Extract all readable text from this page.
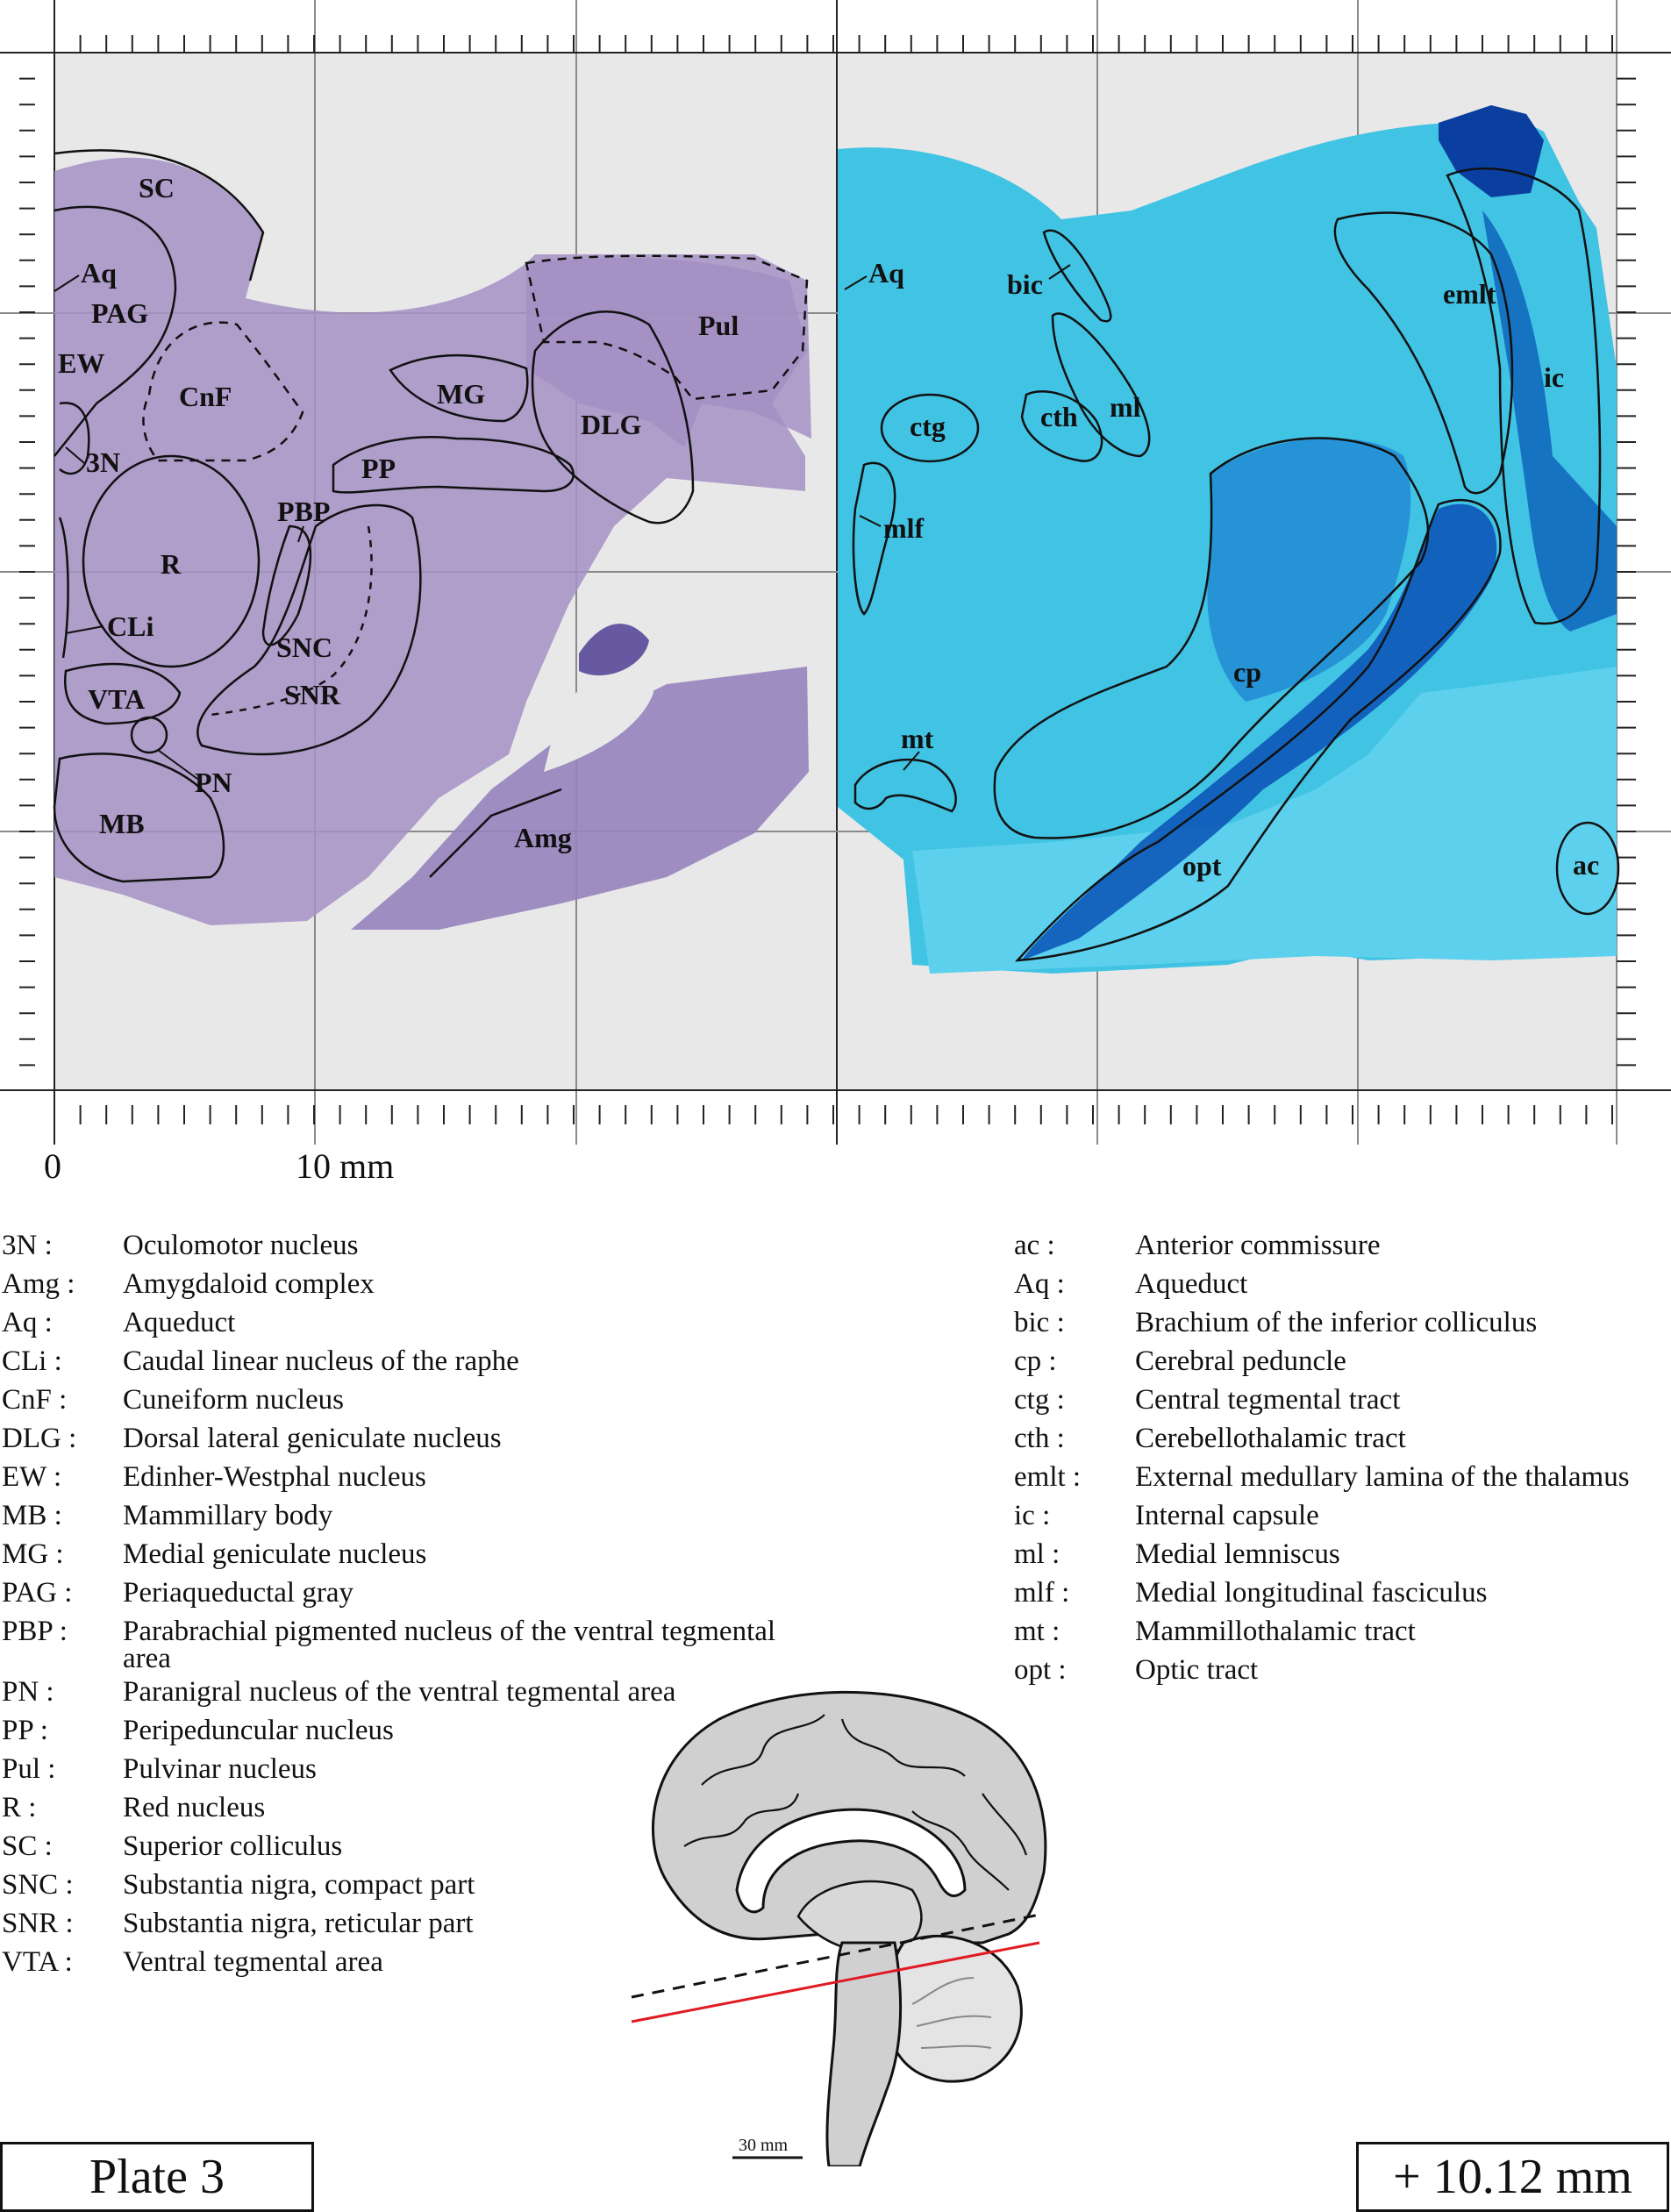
SC
Aq
PAG
EW
CnF
3N
MG
DLG
Pul
PP
PBP
R
CLi
SNC
SNR
VTA
PN
MB	Amg
Aq	bic	emlt
ic
ctg	cth ml
mlf
cp
mt
opt	ac
0	10 mm
3N :	Oculomotor nucleus
Amg :	Amygdaloid complex
Aq :	Aqueduct
CLi :	Caudal linear nucleus of the raphe
CnF :	Cuneiform nucleus
DLG :	Dorsal lateral geniculate nucleus
EW :	Edinher-Westphal nucleus
MB :	Mammillary body
MG :	Medial geniculate nucleus
PAG :	Periaqueductal gray
PBP :	Parabrachial pigmented nucleus of the ventral tegmental area
PN :	Paranigral nucleus of the ventral tegmental area
PP :	Peripeduncular nucleus
Pul :	Pulvinar nucleus
R :	Red nucleus
SC :	Superior colliculus
SNC :	Substantia nigra, compact part
SNR :	Substantia nigra, reticular part
VTA :	Ventral tegmental area
ac :	Anterior commissure
Aq :	Aqueduct
bic :	Brachium of the inferior colliculus
cp :	Cerebral peduncle
ctg :	Central tegmental tract
cth :	Cerebellothalamic tract
emlt :	External medullary lamina of the thalamus
ic :	Internal capsule
ml :	Medial lemniscus
mlf :	Medial longitudinal fasciculus
mt :	Mammillothalamic tract
opt :	Optic tract
30 mm
Plate 3	+ 10.12 mm
